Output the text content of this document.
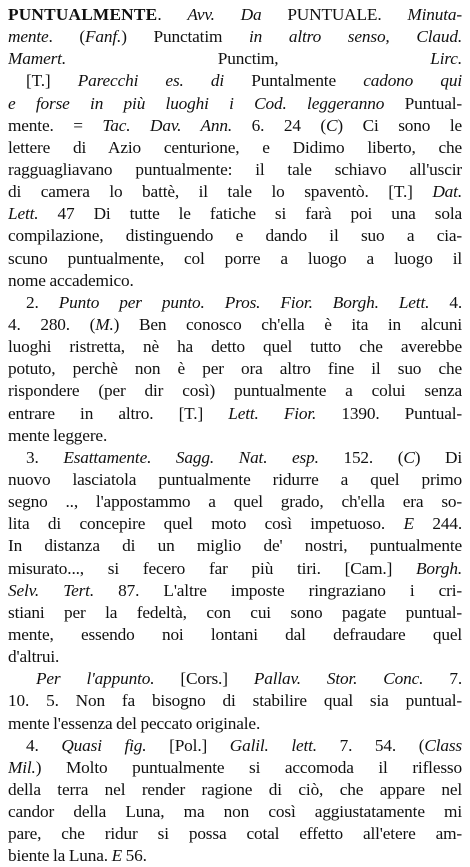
PUNTUALMENTE. Avv. Da PUNTUALE. Minuta-
mente. (Fanf.) Punctatim in altro senso, Claud.
Mamert. Punctim, Lirc.
[T.] Parecchi es. di Puntalmente cadono qui
e forse in più luoghi i Cod. leggeranno Puntual-
mente. = Tac. Dav. Ann. 6. 24 (C) Ci sono le
lettere di Azio centurione, e Didimo liberto, che
ragguagliavano puntualmente: il tale schiavo all'uscir
di camera lo battè, il tale lo spaventò. [T.] Dat.
Lett. 47 Di tutte le fatiche si farà poi una sola
compilazione, distinguendo e dando il suo a cia-
scuno puntualmente, col porre a luogo a luogo il
nome accademico.
2. Punto per punto. Pros. Fior. Borgh. Lett. 4.
4. 280. (M.) Ben conosco ch'ella è ita in alcuni
luoghi ristretta, nè ha detto quel tutto che averebbe
potuto, perchè non è per ora altro fine il suo che
rispondere (per dir così) puntualmente a colui senza
entrare in altro. [T.] Lett. Fior. 1390. Puntual-
mente leggere.
3. Esattamente. Sagg. Nat. esp. 152. (C) Di
nuovo lasciatola puntualmente ridurre a quel primo
segno .., l'appostammo a quel grado, ch'ella era so-
lita di concepire quel moto così impetuoso. E 244.
In distanza di un miglio de' nostri, puntualmente
misurato..., si fecero far più tiri. [Cam.] Borgh.
Selv. Tert. 87. L'altre imposte ringraziano i cri-
stiani per la fedeltà, con cui sono pagate puntual-
mente, essendo noi lontani dal defraudare quel
d'altrui.
Per l'appunto. [Cors.] Pallav. Stor. Conc. 7.
10. 5. Non fa bisogno di stabilire qual sia puntual-
mente l'essenza del peccato originale.
4. Quasi fig. [Pol.] Galil. lett. 7. 54. (Class
Mil.) Molto puntualmente si accomoda il riflesso
della terra nel render ragione di ciò, che appare nel
candor della Luna, ma non così aggiustatamente mi
pare, che ridur si possa cotal effetto all'etere am-
biente la Luna. E 56.
